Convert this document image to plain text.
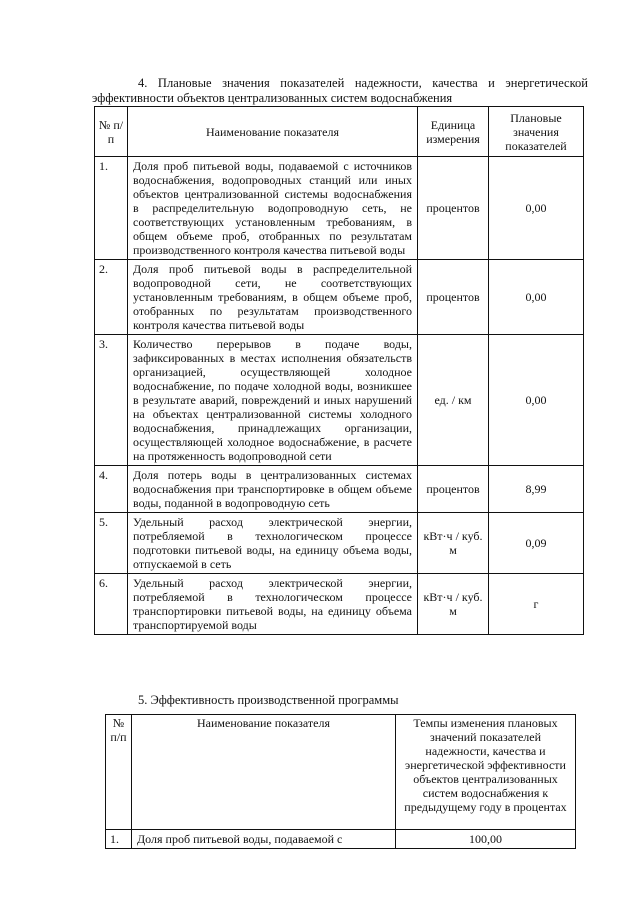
4. Плановые значения показателей надежности, качества и энергетической
эффективности объектов централизованных систем водоснабжения
№ п/п	Наименование показателя	Единица измерения	Плановые значения показателей
1.	Доля проб питьевой воды, подаваемой с источников водоснабжения, водопроводных станций или иных объектов централизованной системы водоснабжения в распределительную водопроводную сеть, не соответствующих установленным требованиям, в общем объеме проб, отобранных по результатам производственного контроля качества питьевой воды	процентов	0,00
2.	Доля проб питьевой воды в распределительной водопроводной сети, не соответствующих установленным требованиям, в общем объеме проб, отобранных по результатам производственного контроля качества питьевой воды	процентов	0,00
3.	Количество перерывов в подаче воды, зафиксированных в местах исполнения обязательств организацией, осуществляющей холодное водоснабжение, по подаче холодной воды, возникшее в результате аварий, повреждений и иных нарушений на объектах централизованной системы холодного водоснабжения, принадлежащих организации, осуществляющей холодное водоснабжение, в расчете на протяженность водопроводной сети	ед. / км	0,00
4.	Доля потерь воды в централизованных системах водоснабжения при транспортировке в общем объеме воды, поданной в водопроводную сеть	процентов	8,99
5.	Удельный расход электрической энергии, потребляемой в технологическом процессе подготовки питьевой воды, на единицу объема воды, отпускаемой в сеть	кВт·ч / куб. м	0,09
6.	Удельный расход электрической энергии, потребляемой в технологическом процессе транспортировки питьевой воды, на единицу объема транспортируемой воды	кВт·ч / куб. м	г
5. Эффективность производственной программы
№ п/п	Наименование показателя	Темпы изменения плановых значений показателей надежности, качества и энергетической эффективности объектов централизованных систем водоснабжения к предыдущему году в процентах
1.	Доля проб питьевой воды, подаваемой с	100,00
